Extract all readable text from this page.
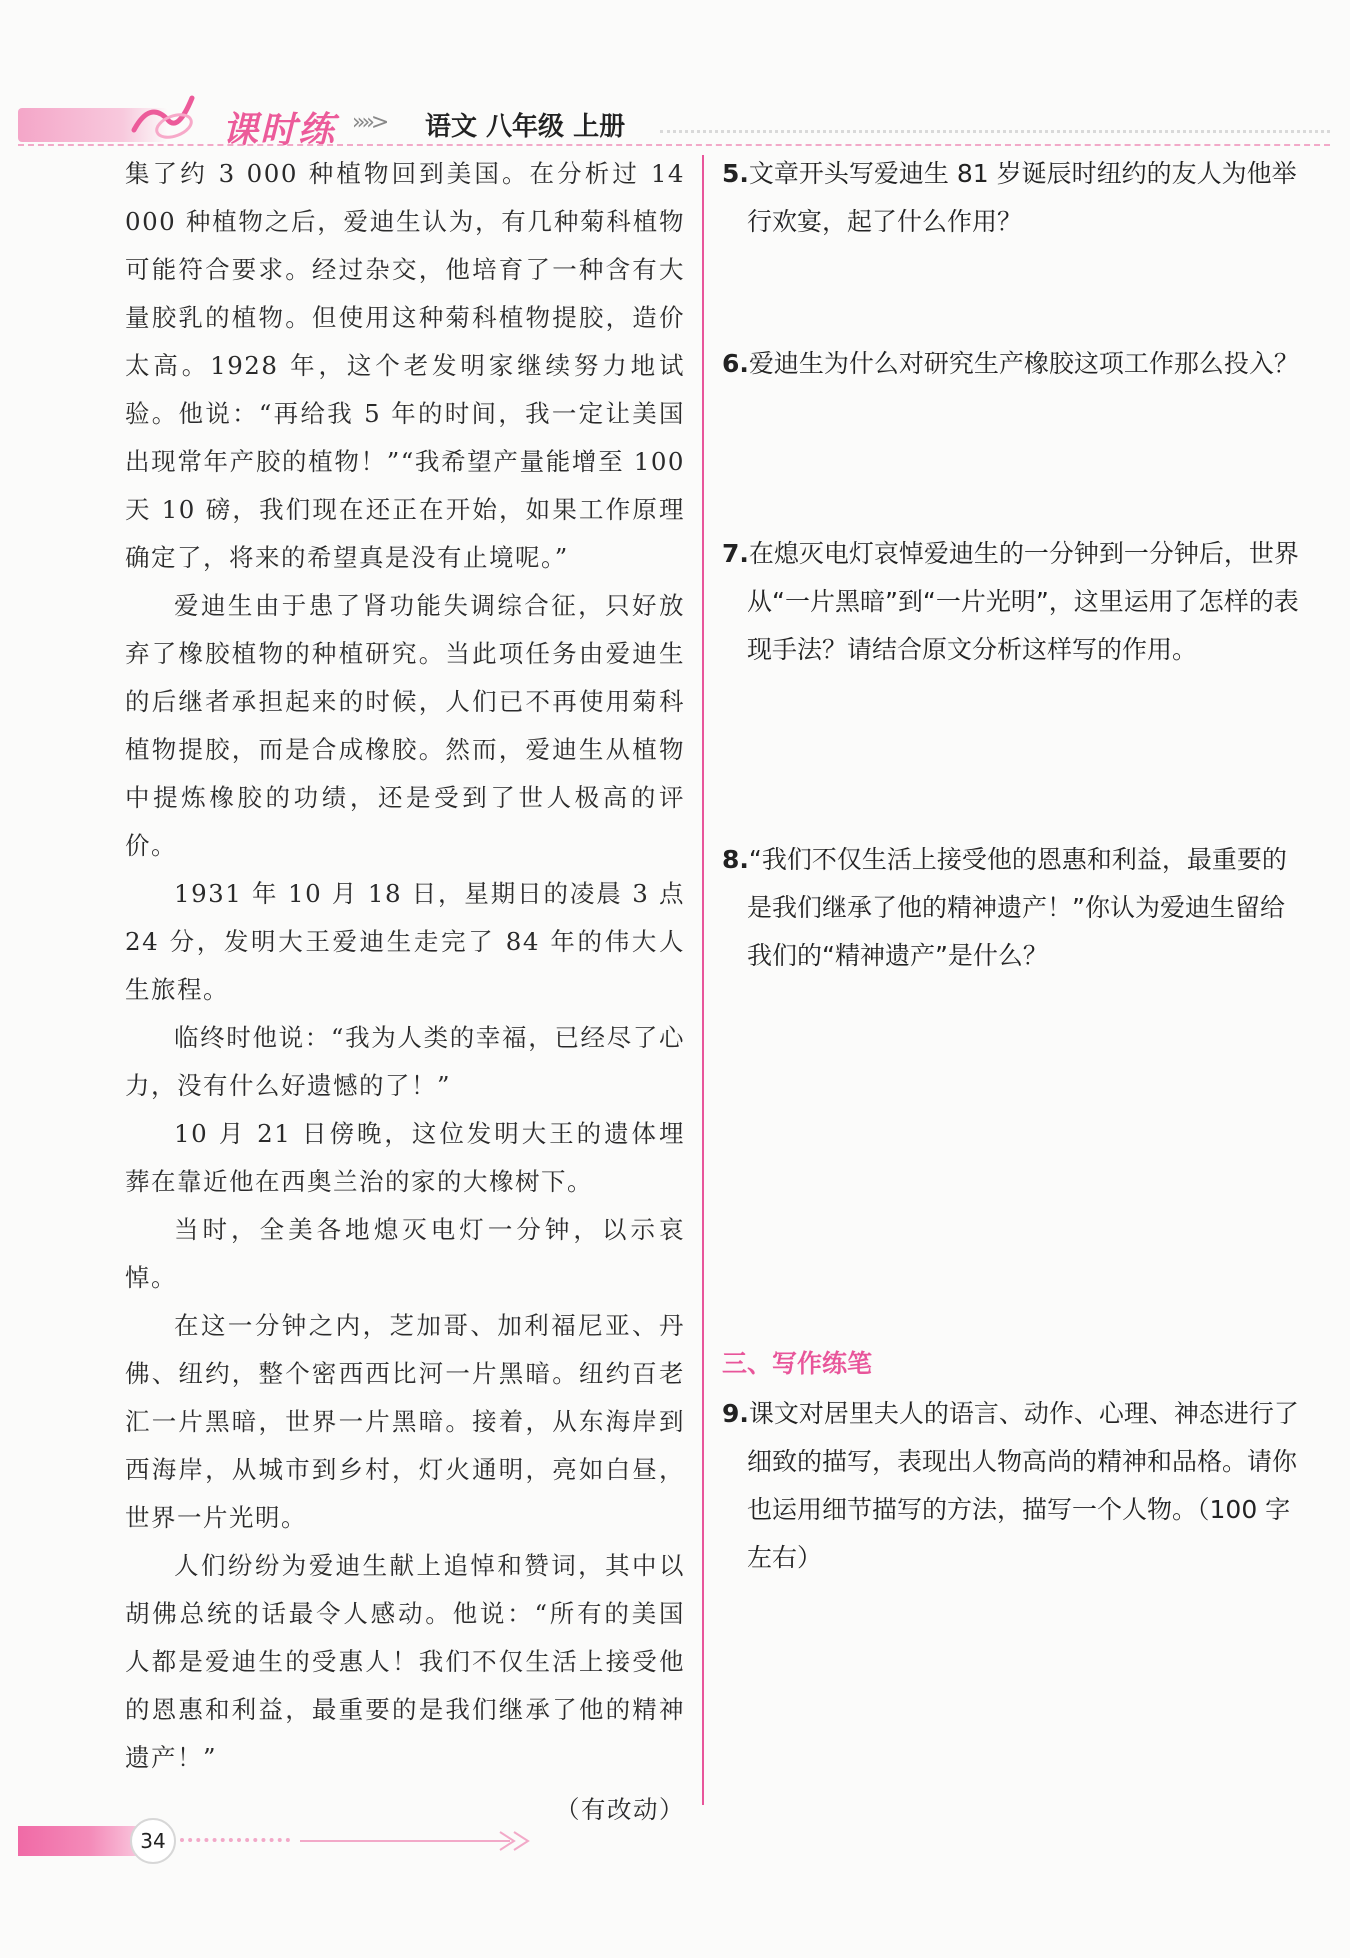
课时练 »»> 语文 八年级 上册

集了约 3 000 种植物回到美国。在分析过 14 000 种植物之后，爱迪生认为，有几种菊科植物可能符合要求。经过杂交，他培育了一种含有大量胶乳的植物。但使用这种菊科植物提胶，造价太高。1928 年，这个老发明家继续努力地试验。他说：“再给我 5 年的时间，我一定让美国出现常年产胶的植物！”“我希望产量能增至 100 天 10 磅，我们现在还正在开始，如果工作原理确定了，将来的希望真是没有止境呢。”

爱迪生由于患了肾功能失调综合征，只好放弃了橡胶植物的种植研究。当此项任务由爱迪生的后继者承担起来的时候，人们已不再使用菊科植物提胶，而是合成橡胶。然而，爱迪生从植物中提炼橡胶的功绩，还是受到了世人极高的评价。

1931 年 10 月 18 日，星期日的凌晨 3 点 24 分，发明大王爱迪生走完了 84 年的伟大人生旅程。

临终时他说：“我为人类的幸福，已经尽了心力，没有什么好遗憾的了！”

10 月 21 日傍晚，这位发明大王的遗体埋葬在靠近他在西奥兰治的家的大橡树下。

当时，全美各地熄灭电灯一分钟，以示哀悼。

在这一分钟之内，芝加哥、加利福尼亚、丹佛、纽约，整个密西西比河一片黑暗。纽约百老汇一片黑暗，世界一片黑暗。接着，从东海岸到西海岸，从城市到乡村，灯火通明，亮如白昼，世界一片光明。

人们纷纷为爱迪生献上追悼和赞词，其中以胡佛总统的话最令人感动。他说：“所有的美国人都是爱迪生的受惠人！我们不仅生活上接受他的恩惠和利益，最重要的是我们继承了他的精神遗产！”

（有改动）

5.文章开头写爱迪生 81 岁诞辰时纽约的友人为他举行欢宴，起了什么作用？
6.爱迪生为什么对研究生产橡胶这项工作那么投入？
7.在熄灭电灯哀悼爱迪生的一分钟到一分钟后，世界从“一片黑暗”到“一片光明”，这里运用了怎样的表现手法？请结合原文分析这样写的作用。
8.“我们不仅生活上接受他的恩惠和利益，最重要的是我们继承了他的精神遗产！”你认为爱迪生留给我们的“精神遗产”是什么？
三、写作练笔
9.课文对居里夫人的语言、动作、心理、神态进行了细致的描写，表现出人物高尚的精神和品格。请你也运用细节描写的方法，描写一个人物。（100 字左右）
34
